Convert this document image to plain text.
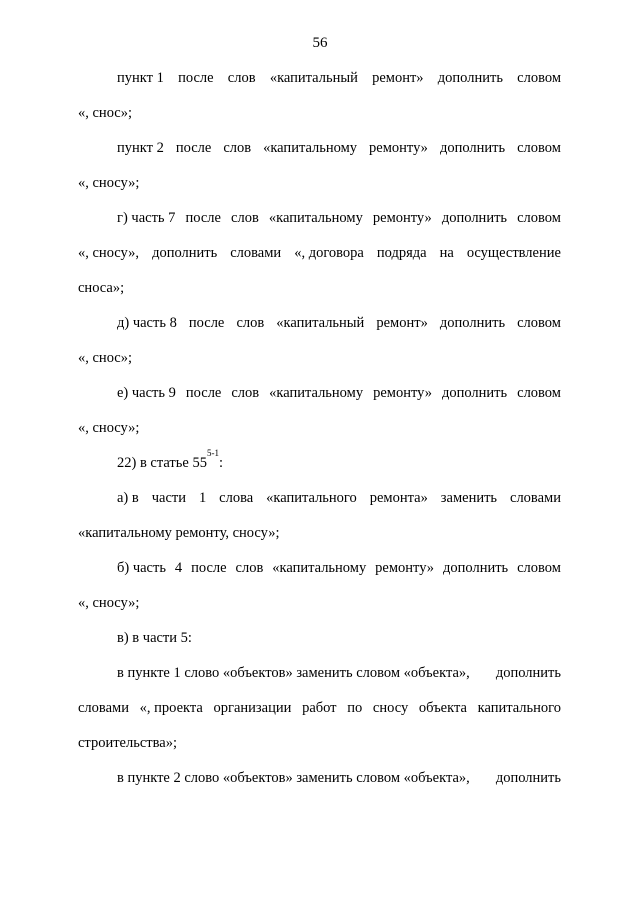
56
пункт 1 после слов «капитальный ремонт» дополнить словом
«, снос»;
пункт 2 после слов «капитальному ремонту» дополнить словом
«, сносу»;
г) часть 7 после слов «капитальному ремонту» дополнить словом
«, сносу», дополнить словами «, договора подряда на осуществление
сноса»;
д) часть 8 после слов «капитальный ремонт» дополнить словом
«, снос»;
е) часть 9 после слов «капитальному ремонту» дополнить словом
«, сносу»;
22) в статье 55
5-1
:
а) в части 1 слова «капитального ремонта» заменить словами
«капитальному ремонту, сносу»;
б) часть 4 после слов «капитальному ремонту» дополнить словом
«, сносу»;
в) в части 5:
в пункте 1 слово «объектов» заменить словом «объекта», дополнить
словами «, проекта организации работ по сносу объекта капитального
строительства»;
в пункте 2 слово «объектов» заменить словом «объекта», дополнить
